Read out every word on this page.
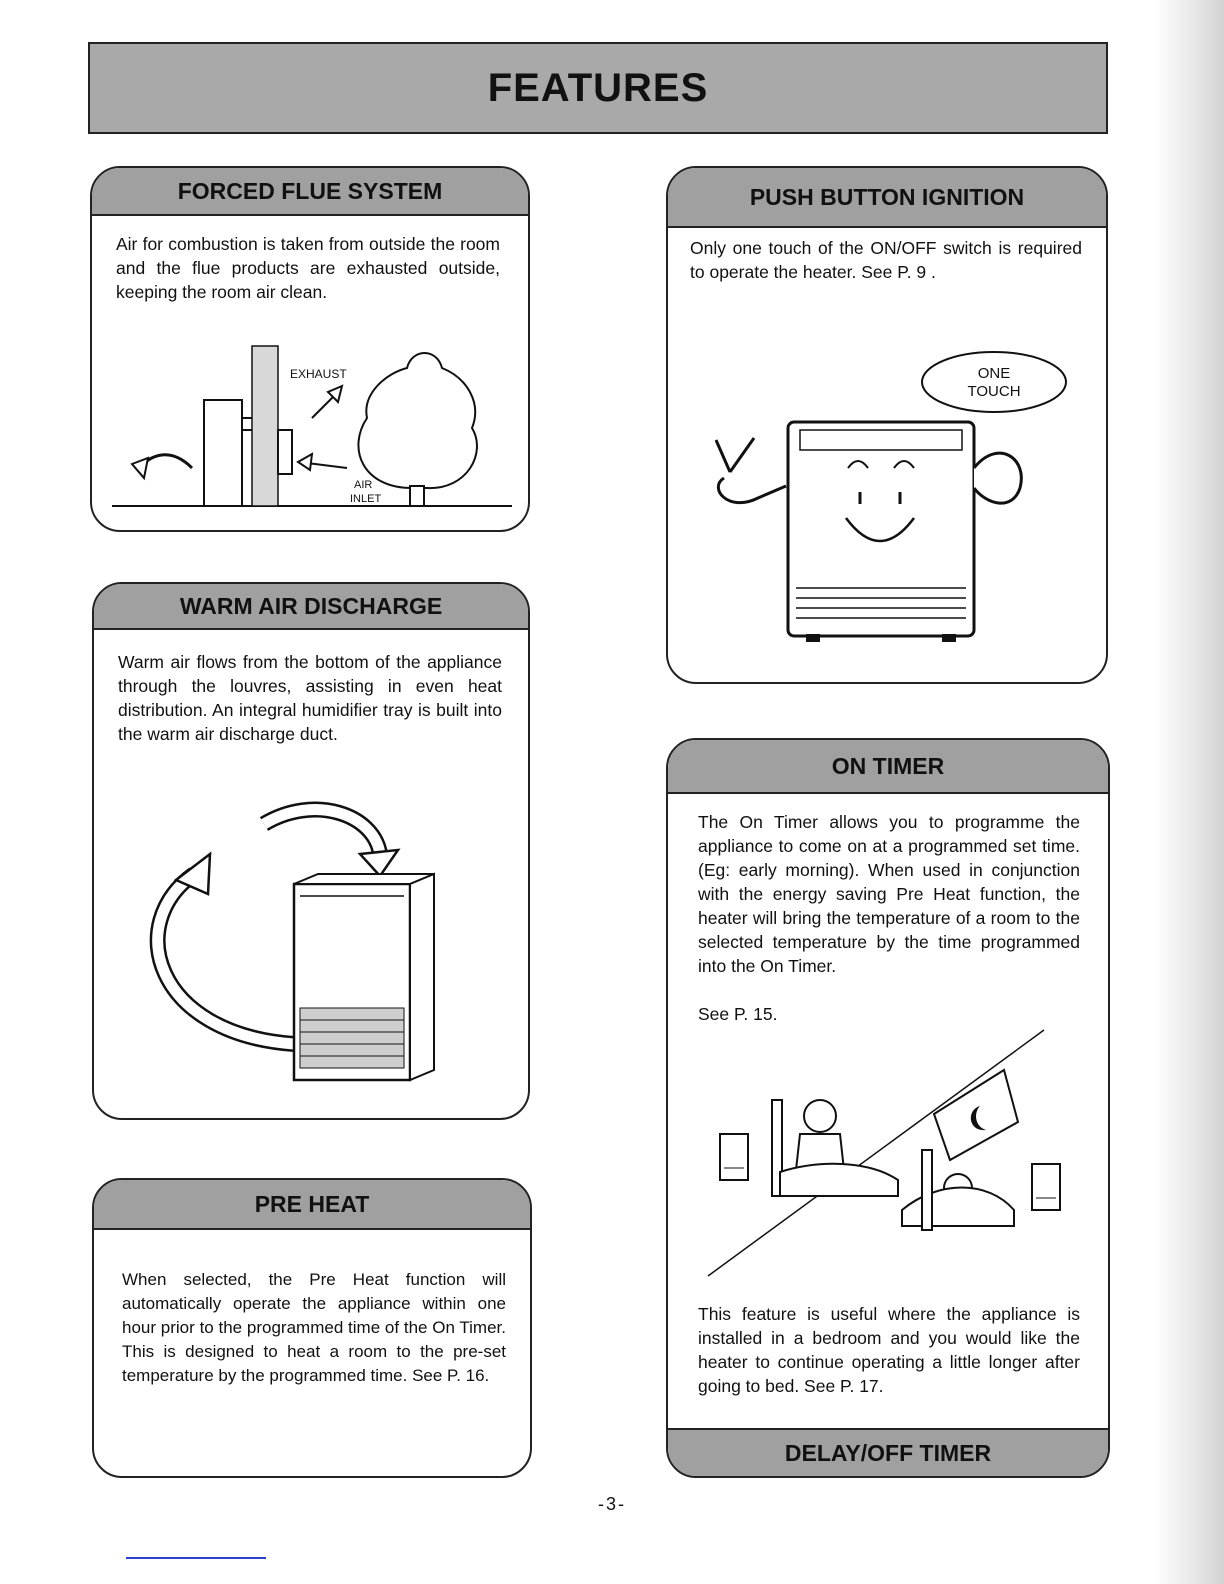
FEATURES
FORCED FLUE SYSTEM
Air for combustion is taken from outside the room and the flue products are exhausted outside, keeping the room air clean.
EXHAUST
AIR
INLET
PUSH BUTTON IGNITION
Only one touch of the ON/OFF switch is required to operate the heater. See P. 9 .
ONE
TOUCH
WARM AIR DISCHARGE
Warm air flows from the bottom of the appliance through the louvres, assisting in even heat distribution. An integral humidifier tray is built into the warm air discharge duct.
ON TIMER
The On Timer allows you to programme the appliance to come on at a programmed set time. (Eg: early morning). When used in conjunction with the energy saving Pre Heat function, the heater will bring the temperature of a room to the selected temperature by the time programmed into the On Timer.
See P. 15.
This feature is useful where the appliance is installed in a bedroom and you would like the heater to continue operating a little longer after going to bed. See P. 17.
DELAY/OFF TIMER
PRE HEAT
When selected, the Pre Heat function will automatically operate the appliance within one hour prior to the programmed time of the On Timer. This is designed to heat a room to the pre-set temperature by the programmed time. See P. 16.
-3-
